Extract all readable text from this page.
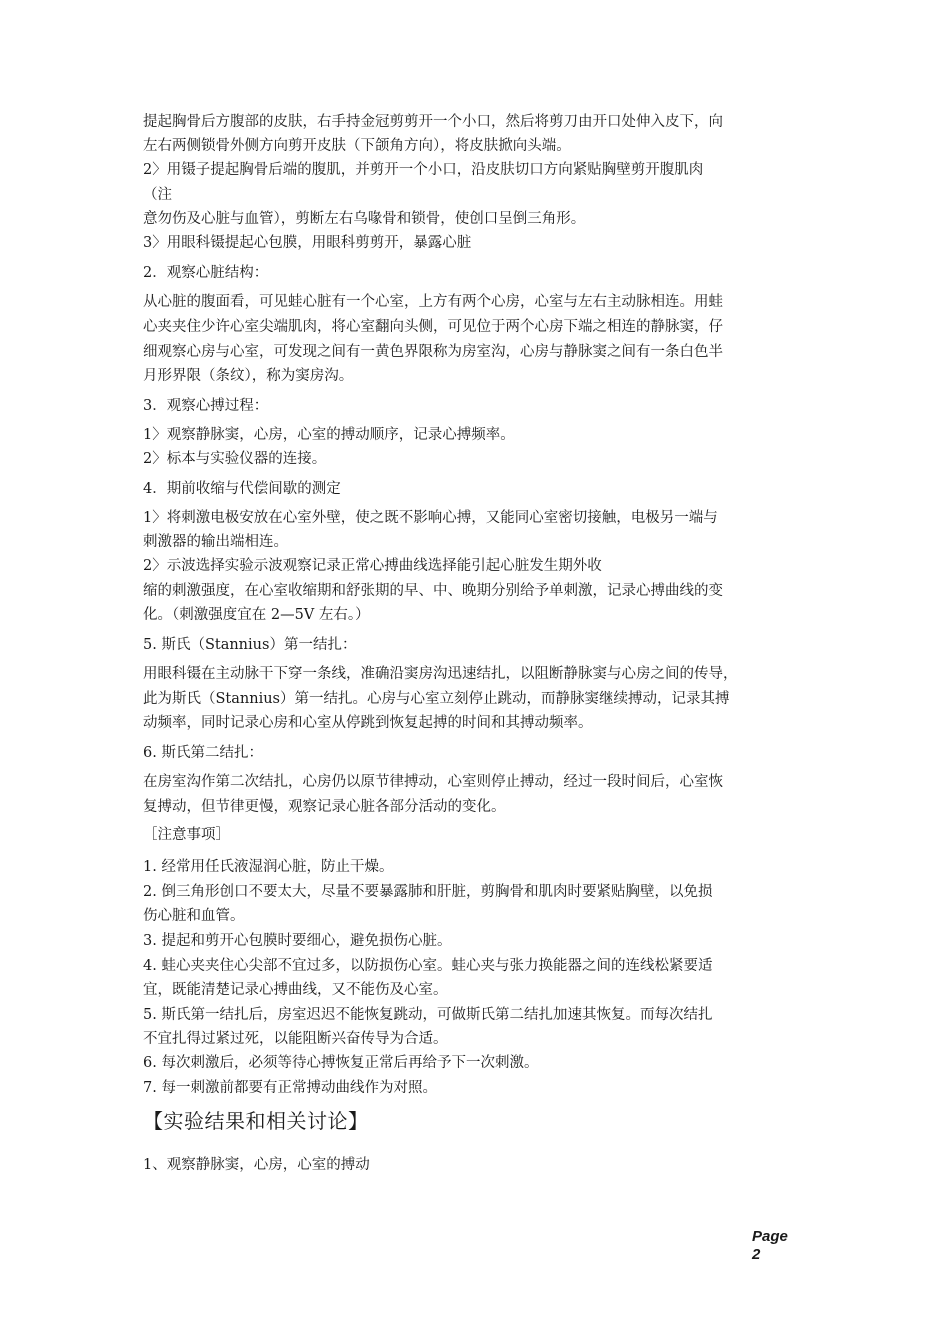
提起胸骨后方腹部的皮肤，右手持金冠剪剪开一个小口，然后将剪刀由开口处伸入皮下，向
左右两侧锁骨外侧方向剪开皮肤（下颌角方向），将皮肤掀向头端。
2〉用镊子提起胸骨后端的腹肌，并剪开一个小口，沿皮肤切口方向紧贴胸壁剪开腹肌肉
（注
意勿伤及心脏与血管），剪断左右乌喙骨和锁骨，使创口呈倒三角形。
3〉用眼科镊提起心包膜，用眼科剪剪开，暴露心脏
2．观察心脏结构：
从心脏的腹面看，可见蛙心脏有一个心室，上方有两个心房，心室与左右主动脉相连。用蛙
心夹夹住少许心室尖端肌肉，将心室翻向头侧，可见位于两个心房下端之相连的静脉窦，仔
细观察心房与心室，可发现之间有一黄色界限称为房室沟，心房与静脉窦之间有一条白色半
月形界限（条纹），称为窦房沟。
3．观察心搏过程：
1〉观察静脉窦，心房，心室的搏动顺序，记录心搏频率。
2〉标本与实验仪器的连接。
4．期前收缩与代偿间歇的测定
1〉将刺激电极安放在心室外壁，使之既不影响心搏，又能同心室密切接触，电极另一端与
刺激器的输出端相连。
2〉示波选择实验示波观察记录正常心搏曲线选择能引起心脏发生期外收
缩的刺激强度，在心室收缩期和舒张期的早、中、晚期分别给予单刺激，记录心搏曲线的变
化。（刺激强度宜在 2—5V 左右。）
5. 斯氏（Stannius）第一结扎：
用眼科镊在主动脉干下穿一条线，准确沿窦房沟迅速结扎，以阻断静脉窦与心房之间的传导，
此为斯氏（Stannius）第一结扎。心房与心室立刻停止跳动，而静脉窦继续搏动，记录其搏
动频率，同时记录心房和心室从停跳到恢复起搏的时间和其搏动频率。
6. 斯氏第二结扎：
在房室沟作第二次结扎，心房仍以原节律搏动，心室则停止搏动，经过一段时间后，心室恢
复搏动，但节律更慢，观察记录心脏各部分活动的变化。
［注意事项］
1. 经常用任氏液湿润心脏，防止干燥。
2. 倒三角形创口不要太大，尽量不要暴露肺和肝脏，剪胸骨和肌肉时要紧贴胸壁，以免损
伤心脏和血管。
3. 提起和剪开心包膜时要细心，避免损伤心脏。
4. 蛙心夹夹住心尖部不宜过多，以防损伤心室。蛙心夹与张力换能器之间的连线松紧要适
宜，既能清楚记录心搏曲线，又不能伤及心室。
5. 斯氏第一结扎后，房室迟迟不能恢复跳动，可做斯氏第二结扎加速其恢复。而每次结扎
不宜扎得过紧过死，以能阻断兴奋传导为合适。
6. 每次刺激后，必须等待心搏恢复正常后再给予下一次刺激。
7. 每一刺激前都要有正常搏动曲线作为对照。
【实验结果和相关讨论】
1、观察静脉窦，心房，心室的搏动
Page
2
